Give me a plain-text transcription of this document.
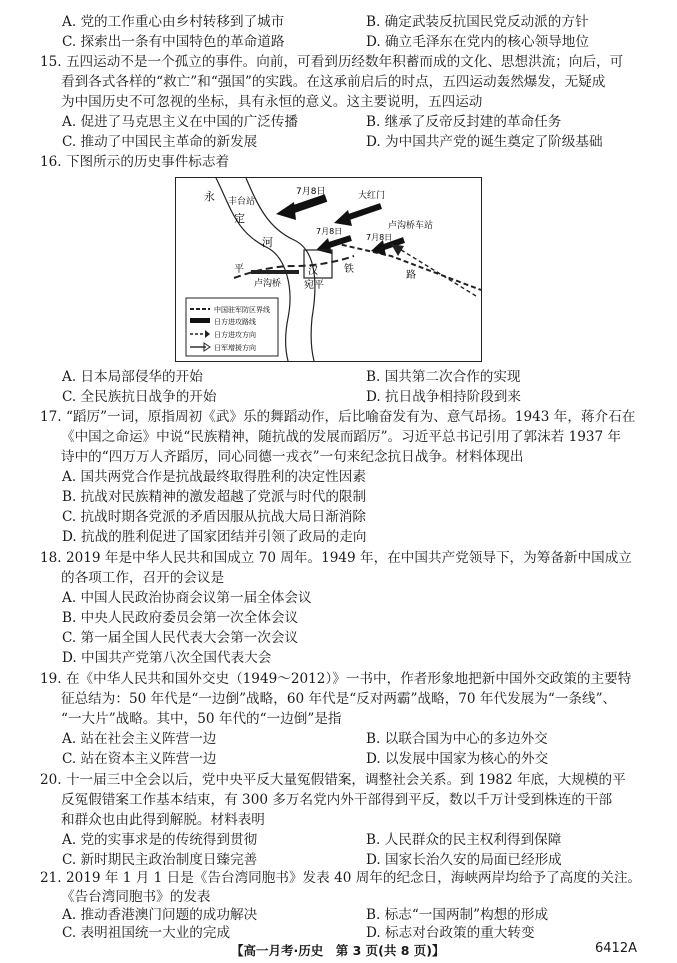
A. 党的工作重心由乡村转移到了城市	B. 确定武装反抗国民党反动派的方针
C. 探索出一条有中国特色的革命道路	D. 确立毛泽东在党内的核心领导地位
15. 五四运动不是一个孤立的事件。向前，可看到历经数年积蓄而成的文化、思想洪流；向后，可
看到各式各样的“救亡”和“强国”的实践。在这承前启后的时点，五四运动轰然爆发，无疑成
为中国历史不可忽视的坐标，具有永恒的意义。这主要说明，五四运动
A. 促进了马克思主义在中国的广泛传播	B. 继承了反帝反封建的革命任务
C. 推动了中国民主革命的新发展	D. 为中国共产党的诞生奠定了阶级基础
16. 下图所示的历史事件标志着
永
定
河
丰台站
7月8日	大红门
卢沟桥车站
7月8日
7月8日
汉
宛平
卢沟桥
平	铁
路
中国驻军防区界线
日方进攻路线
日方进攻方向
日军增援方向
A. 日本局部侵华的开始	B. 国共第二次合作的实现
C. 全民族抗日战争的开始	D. 抗日战争相持阶段到来
17. “蹈厉”一词，原指周初《武》乐的舞蹈动作，后比喻奋发有为、意气昂扬。1943 年，蒋介石在
《中国之命运》中说“民族精神，随抗战的发展而蹈厉”。习近平总书记引用了郭沫若 1937 年
诗中的“四万万人齐蹈厉，同心同德一戎衣”一句来纪念抗日战争。材料体现出
A. 国共两党合作是抗战最终取得胜利的决定性因素
B. 抗战对民族精神的激发超越了党派与时代的限制
C. 抗战时期各党派的矛盾因服从抗战大局日渐消除
D. 抗战的胜利促进了国家团结并引领了政局的走向
18. 2019 年是中华人民共和国成立 70 周年。1949 年，在中国共产党领导下，为筹备新中国成立
的各项工作，召开的会议是
A. 中国人民政治协商会议第一届全体会议
B. 中央人民政府委员会第一次全体会议
C. 第一届全国人民代表大会第一次会议
D. 中国共产党第八次全国代表大会
19. 在《中华人民共和国外交史（1949～2012）》一书中，作者形象地把新中国外交政策的主要特
征总结为：50 年代是“一边倒”战略，60 年代是“反对两霸”战略，70 年代发展为“一条线”、
“一大片”战略。其中，50 年代的“一边倒”是指
A. 站在社会主义阵营一边	B. 以联合国为中心的多边外交
C. 站在资本主义阵营一边	D. 以发展中国家为核心的外交
20. 十一届三中全会以后，党中央平反大量冤假错案，调整社会关系。到 1982 年底，大规模的平
反冤假错案工作基本结束，有 300 多万名党内外干部得到平反，数以千万计受到株连的干部
和群众也由此得到解脱。材料表明
A. 党的实事求是的传统得到贯彻	B. 人民群众的民主权利得到保障
C. 新时期民主政治制度日臻完善	D. 国家长治久安的局面已经形成
21. 2019 年 1 月 1 日是《告台湾同胞书》发表 40 周年的纪念日，海峡两岸均给予了高度的关注。
《告台湾同胞书》的发表
A. 推动香港澳门问题的成功解决	B. 标志“一国两制”构想的形成
【高一月考·历史　第 3 页(共 8 页)】	6412A
C. 表明祖国统一大业的完成	D. 标志对台政策的重大转变
